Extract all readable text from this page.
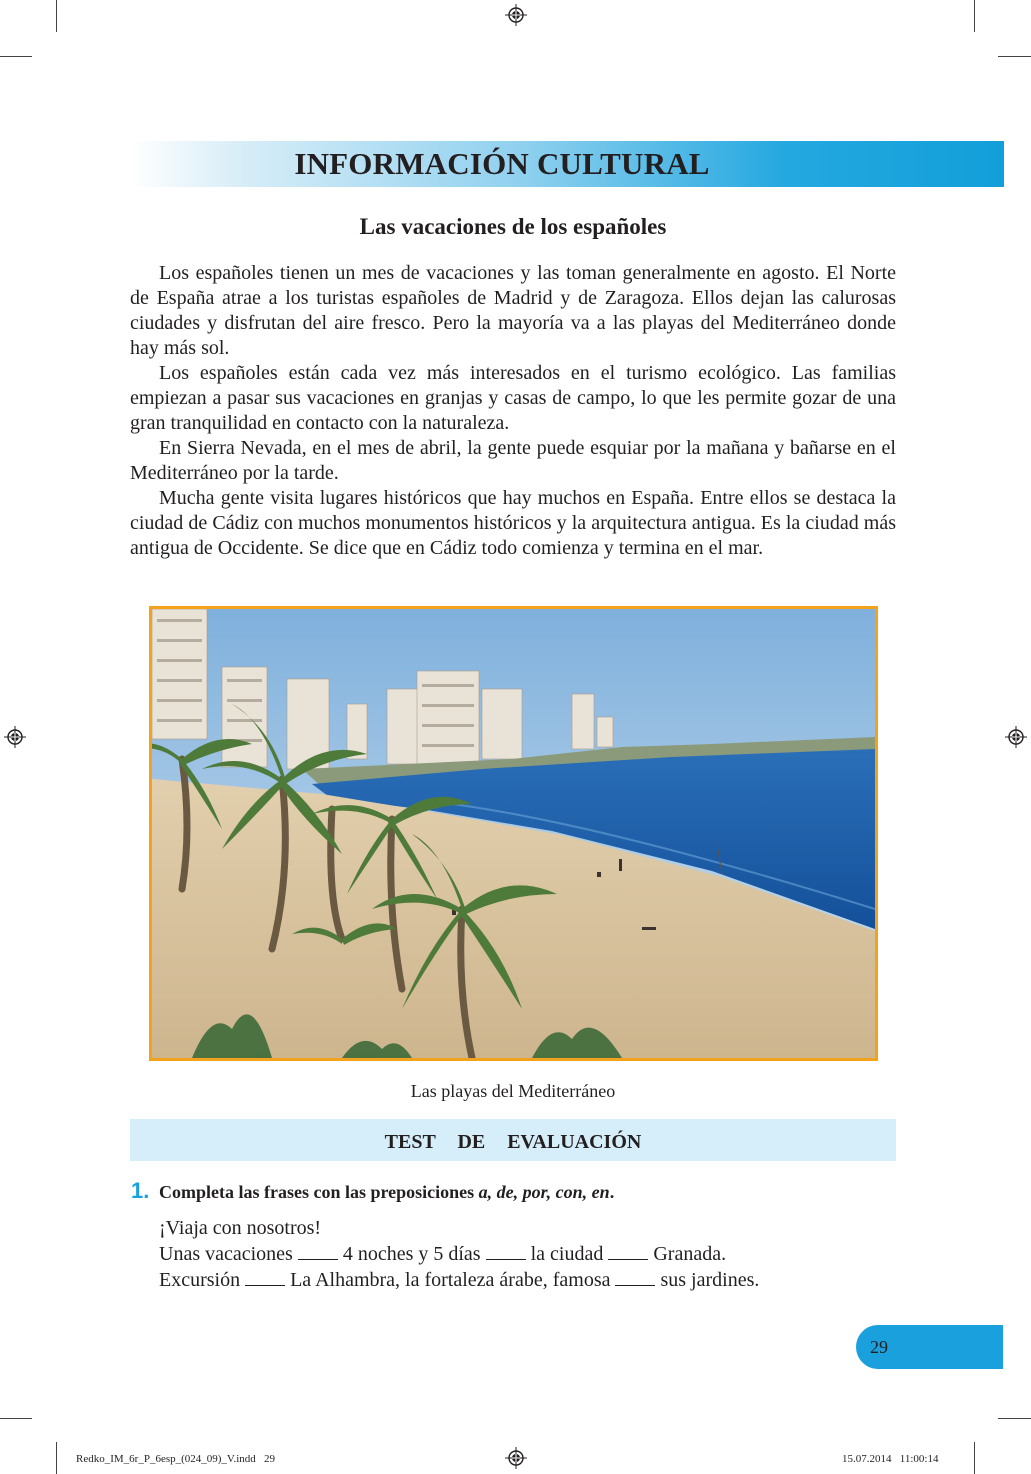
INFORMACIÓN CULTURAL
Las vacaciones de los españoles

Los españoles tienen un mes de vacaciones y las toman generalmente en agosto. El Norte de España atrae a los turistas españoles de Madrid y de Zaragoza. Ellos dejan las calurosas ciudades y disfrutan del aire fresco. Pero la mayoría va a las playas del Mediterráneo donde hay más sol.

Los españoles están cada vez más interesados en el turismo ecológico. Las familias empiezan a pasar sus vacaciones en granjas y casas de campo, lo que les permite gozar de una gran tranquilidad en contacto con la naturaleza.

En Sierra Nevada, en el mes de abril, la gente puede esquiar por la mañana y bañarse en el Mediterráneo por la tarde.

Mucha gente visita lugares históricos que hay muchos en España. Entre ellos se destaca la ciudad de Cádiz con muchos monumentos históricos y la arquitectura antigua. Es la ciudad más antigua de Occidente. Se dice que en Cádiz todo comienza y termina en el mar.

Las playas del Mediterráneo
TEST  DE  EVALUACIÓN
1. Completa las frases con las preposiciones a, de, por, con, en.
¡Viaja con nosotros!
Unas vacaciones	4 noches y 5 días	la ciudad	Granada.
Excursión	La Alhambra, la fortaleza árabe, famosa	sus jardines.
29
Redko_IM_6r_P_6esp_(024_09)_V.indd   29	15.07.2014   11:00:14
